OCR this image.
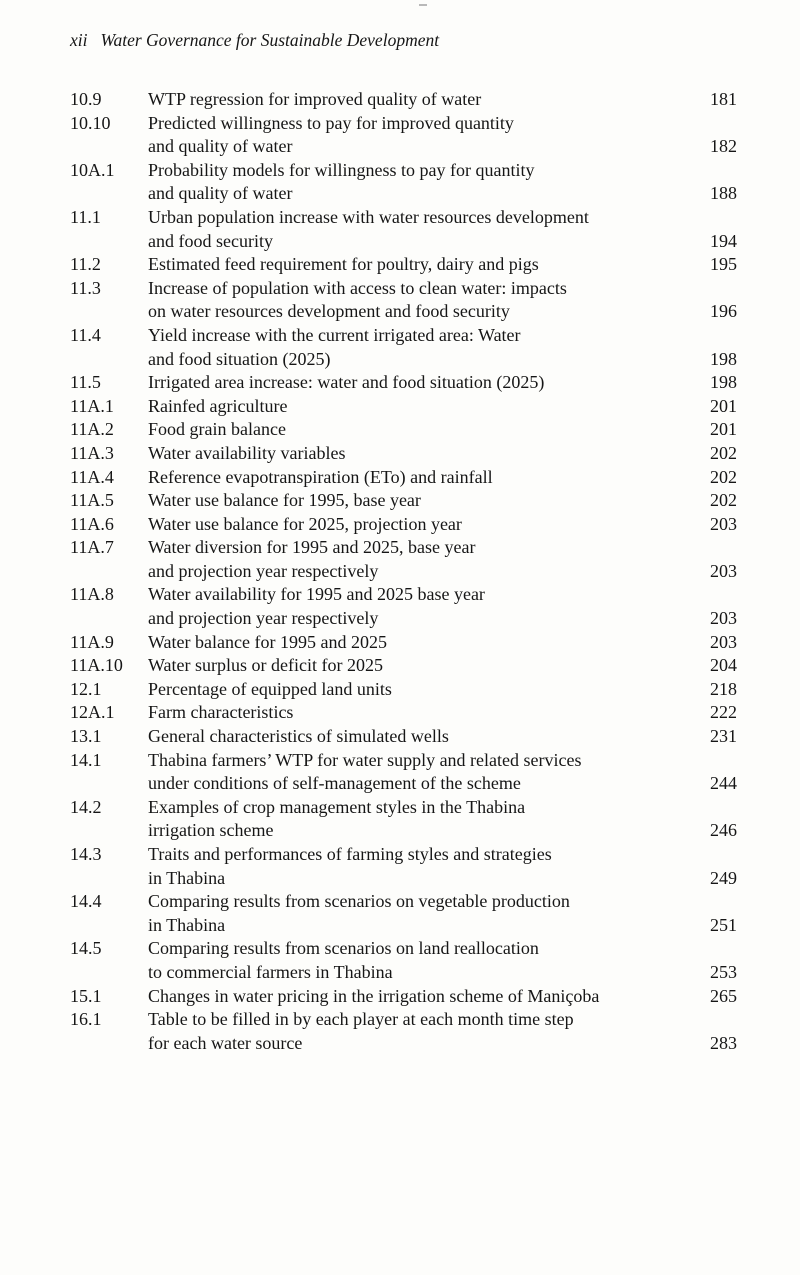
xii Water Governance for Sustainable Development
10.9	WTP regression for improved quality of water	181
10.10	Predicted willingness to pay for improved quantity
and quality of water	182
10A.1	Probability models for willingness to pay for quantity
and quality of water	188
11.1	Urban population increase with water resources development
and food security	194
11.2	Estimated feed requirement for poultry, dairy and pigs	195
11.3	Increase of population with access to clean water: impacts
on water resources development and food security	196
11.4	Yield increase with the current irrigated area: Water
and food situation (2025)	198
11.5	Irrigated area increase: water and food situation (2025)	198
11A.1	Rainfed agriculture	201
11A.2	Food grain balance	201
11A.3	Water availability variables	202
11A.4	Reference evapotranspiration (ETo) and rainfall	202
11A.5	Water use balance for 1995, base year	202
11A.6	Water use balance for 2025, projection year	203
11A.7	Water diversion for 1995 and 2025, base year
and projection year respectively	203
11A.8	Water availability for 1995 and 2025 base year
and projection year respectively	203
11A.9	Water balance for 1995 and 2025	203
11A.10	Water surplus or deficit for 2025	204
12.1	Percentage of equipped land units	218
12A.1	Farm characteristics	222
13.1	General characteristics of simulated wells	231
14.1	Thabina farmers’ WTP for water supply and related services
under conditions of self-management of the scheme	244
14.2	Examples of crop management styles in the Thabina
irrigation scheme	246
14.3	Traits and performances of farming styles and strategies
in Thabina	249
14.4	Comparing results from scenarios on vegetable production
in Thabina	251
14.5	Comparing results from scenarios on land reallocation
to commercial farmers in Thabina	253
15.1	Changes in water pricing in the irrigation scheme of Maniçoba	265
16.1	Table to be filled in by each player at each month time step
for each water source	283
